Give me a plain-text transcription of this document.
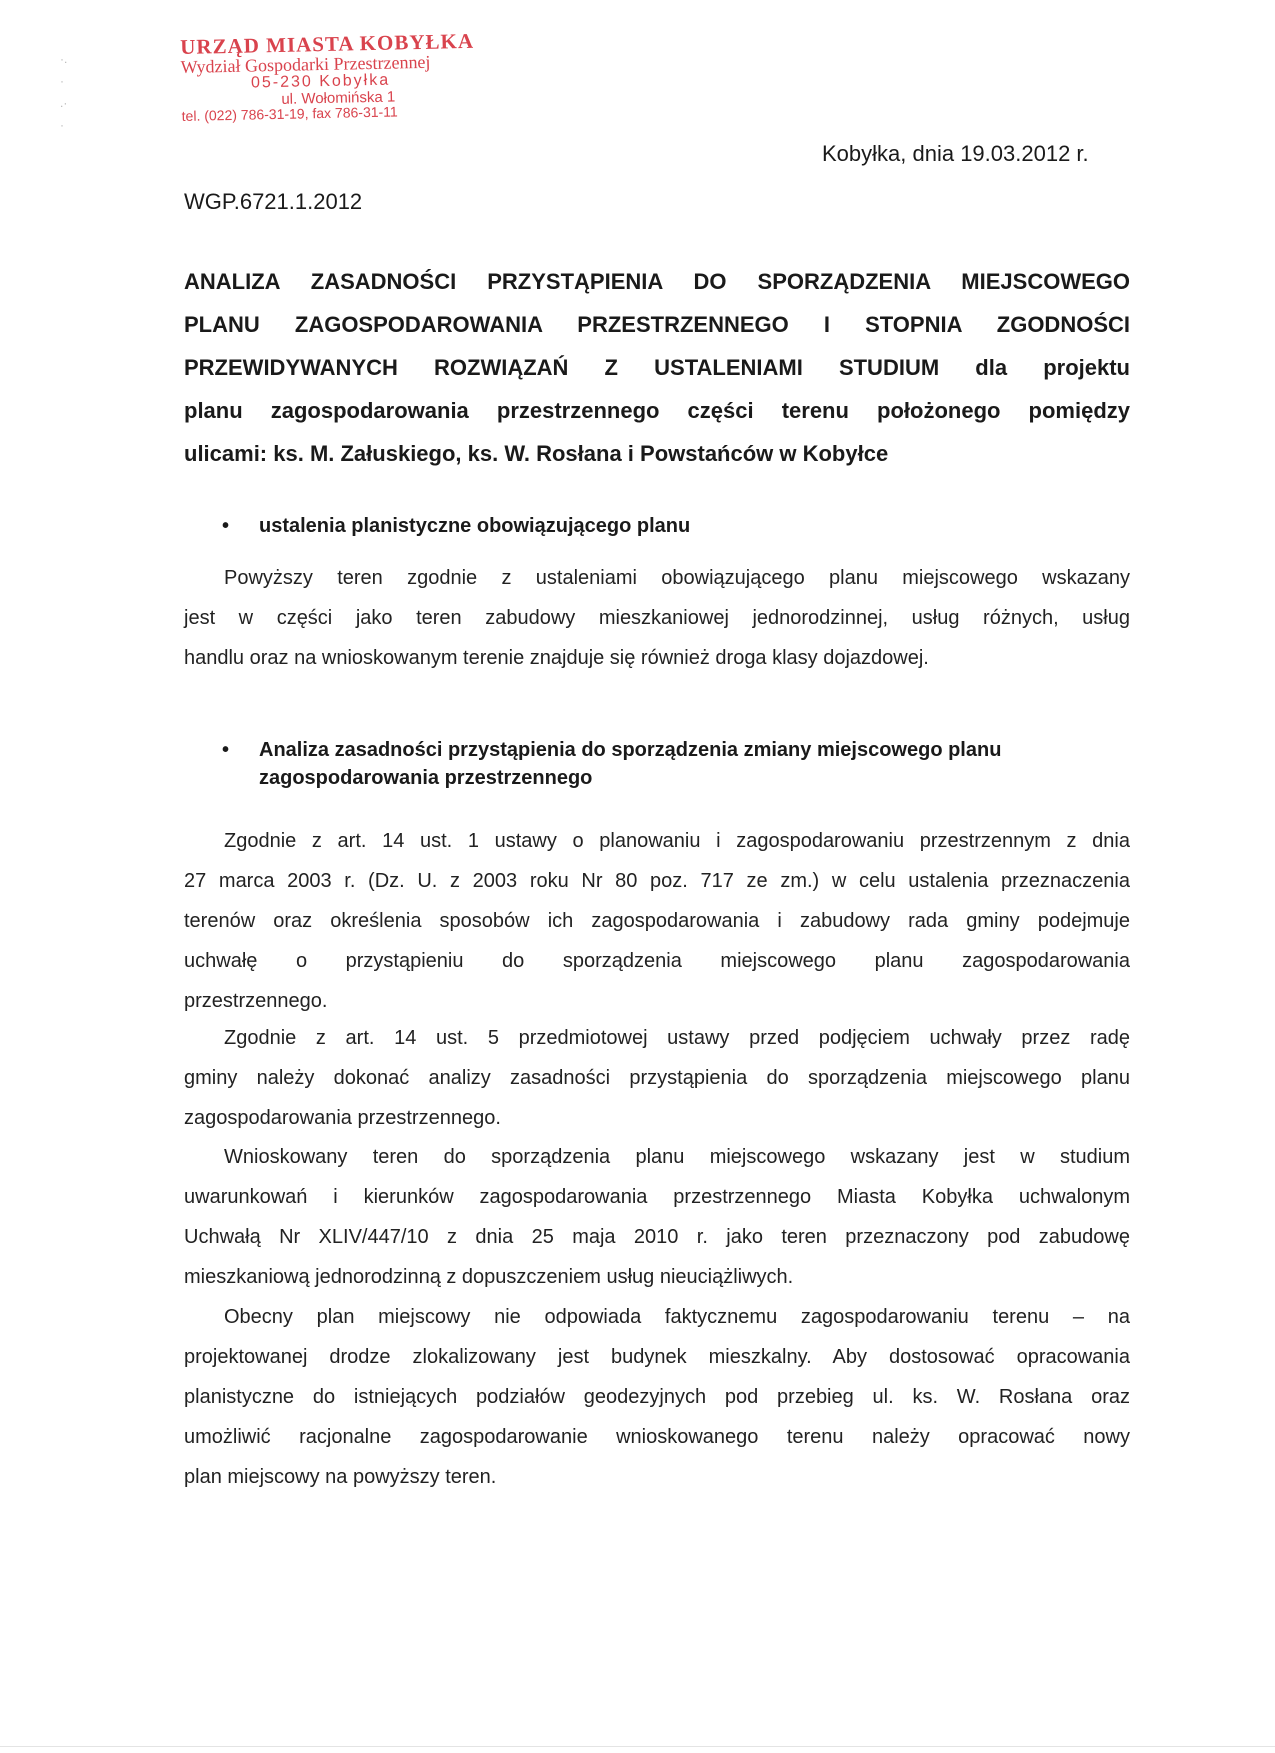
·.
·
.·
·
URZĄD MIASTA KOBYŁKA
Wydział Gospodarki Przestrzennej
05-230 Kobyłka
ul. Wołomińska 1
tel. (022) 786-31-19, fax 786-31-11
Kobyłka, dnia 19.03.2012 r.
WGP.6721.1.2012
ANALIZA ZASADNOŚCI PRZYSTĄPIENIA DO SPORZĄDZENIA MIEJSCOWEGO
PLANU ZAGOSPODAROWANIA PRZESTRZENNEGO I STOPNIA ZGODNOŚCI
PRZEWIDYWANYCH ROZWIĄZAŃ Z USTALENIAMI STUDIUM dla projektu
planu zagospodarowania przestrzennego części terenu położonego pomiędzy
ulicami: ks. M. Załuskiego, ks. W. Rosłana i Powstańców w Kobyłce
•	ustalenia planistyczne obowiązującego planu
Powyższy teren zgodnie z ustaleniami obowiązującego planu miejscowego wskazany
jest w części jako teren zabudowy mieszkaniowej jednorodzinnej, usług różnych, usług
handlu oraz na wnioskowanym terenie znajduje się również droga klasy dojazdowej.
•	Analiza zasadności przystąpienia do sporządzenia zmiany miejscowego planu
zagospodarowania przestrzennego
Zgodnie z art. 14 ust. 1 ustawy o planowaniu i zagospodarowaniu przestrzennym z dnia
27 marca 2003 r. (Dz. U. z 2003 roku Nr 80 poz. 717 ze zm.) w celu ustalenia przeznaczenia
terenów oraz określenia sposobów ich zagospodarowania i zabudowy rada gminy podejmuje
uchwałę o przystąpieniu do sporządzenia miejscowego planu zagospodarowania
przestrzennego.
Zgodnie z art. 14 ust. 5 przedmiotowej ustawy przed podjęciem uchwały przez radę
gminy należy dokonać analizy zasadności przystąpienia do sporządzenia miejscowego planu
zagospodarowania przestrzennego.
Wnioskowany teren do sporządzenia planu miejscowego wskazany jest w studium
uwarunkowań i kierunków zagospodarowania przestrzennego Miasta Kobyłka uchwalonym
Uchwałą Nr XLIV/447/10 z dnia 25 maja 2010 r. jako teren przeznaczony pod zabudowę
mieszkaniową jednorodzinną z dopuszczeniem usług nieuciążliwych.
Obecny plan miejscowy nie odpowiada faktycznemu zagospodarowaniu terenu – na
projektowanej drodze zlokalizowany jest budynek mieszkalny. Aby dostosować opracowania
planistyczne do istniejących podziałów geodezyjnych pod przebieg ul. ks. W. Rosłana oraz
umożliwić racjonalne zagospodarowanie wnioskowanego terenu należy opracować nowy
plan miejscowy na powyższy teren.
